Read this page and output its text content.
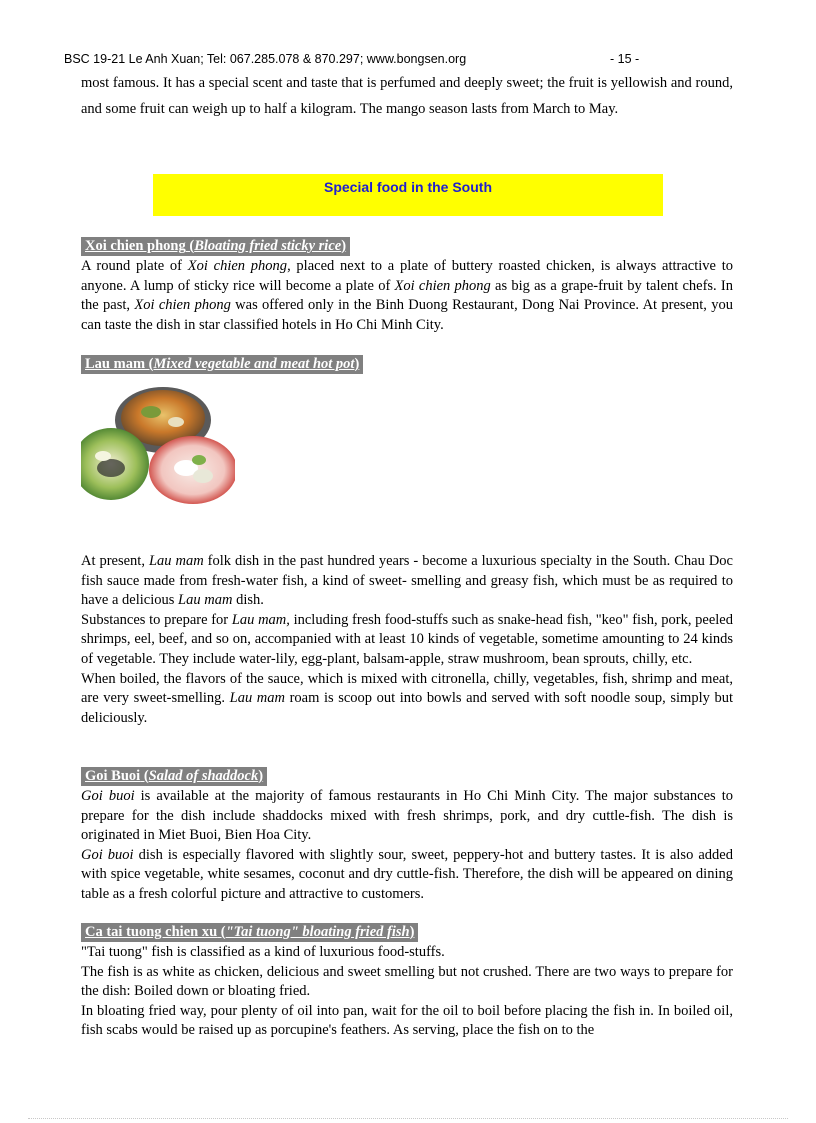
BSC 19-21 Le Anh Xuan; Tel: 067.285.078 & 870.297; www.bongsen.org	- 15 -

most famous. It has a special scent and taste that is perfumed and deeply sweet; the fruit is yellowish and round, and some fruit can weigh up to half a kilogram. The mango season lasts from March to May.

Special food in the South
Xoi chien phong (Bloating fried sticky rice)

A round plate of Xoi chien phong, placed next to a plate of buttery roasted chicken, is always attractive to anyone. A lump of sticky rice will become a plate of Xoi chien phong as big as a grape-fruit by talent chefs. In the past, Xoi chien phong was offered only in the Binh Duong Restaurant, Dong Nai Province. At present, you can taste the dish in star classified hotels in Ho Chi Minh City.

Lau mam (Mixed vegetable and meat hot pot)

At present, Lau mam folk dish in the past hundred years - become a luxurious specialty in the South. Chau Doc fish sauce made from fresh-water fish, a kind of sweet- smelling and greasy fish, which must be as required to have a delicious Lau mam dish.

Substances to prepare for Lau mam, including fresh food-stuffs such as snake-head fish, "keo" fish, pork, peeled shrimps, eel, beef, and so on, accompanied with at least 10 kinds of vegetable, sometime amounting to 24 kinds of vegetable. They include water-lily, egg-plant, balsam-apple, straw mushroom, bean sprouts, chilly, etc.

When boiled, the flavors of the sauce, which is mixed with citronella, chilly, vegetables, fish, shrimp and meat, are very sweet-smelling. Lau mam roam is scoop out into bowls and served with soft noodle soup, simply but deliciously.

Goi Buoi (Salad of shaddock)

Goi buoi is available at the majority of famous restaurants in Ho Chi Minh City. The major substances to prepare for the dish include shaddocks mixed with fresh shrimps, pork, and dry cuttle-fish. The dish is originated in Miet Buoi, Bien Hoa City.

Goi buoi dish is especially flavored with slightly sour, sweet, peppery-hot and buttery tastes. It is also added with spice vegetable, white sesames, coconut and dry cuttle-fish. Therefore, the dish will be appeared on dining table as a fresh colorful picture and attractive to customers.

Ca tai tuong chien xu ("Tai tuong" bloating fried fish)

"Tai tuong" fish is classified as a kind of luxurious food-stuffs.

The fish is as white as chicken, delicious and sweet smelling but not crushed. There are two ways to prepare for the dish: Boiled down or bloating fried.

In bloating fried way, pour plenty of oil into pan, wait for the oil to boil before placing the fish in. In boiled oil, fish scabs would be raised up as porcupine's feathers. As serving, place the fish on to the
